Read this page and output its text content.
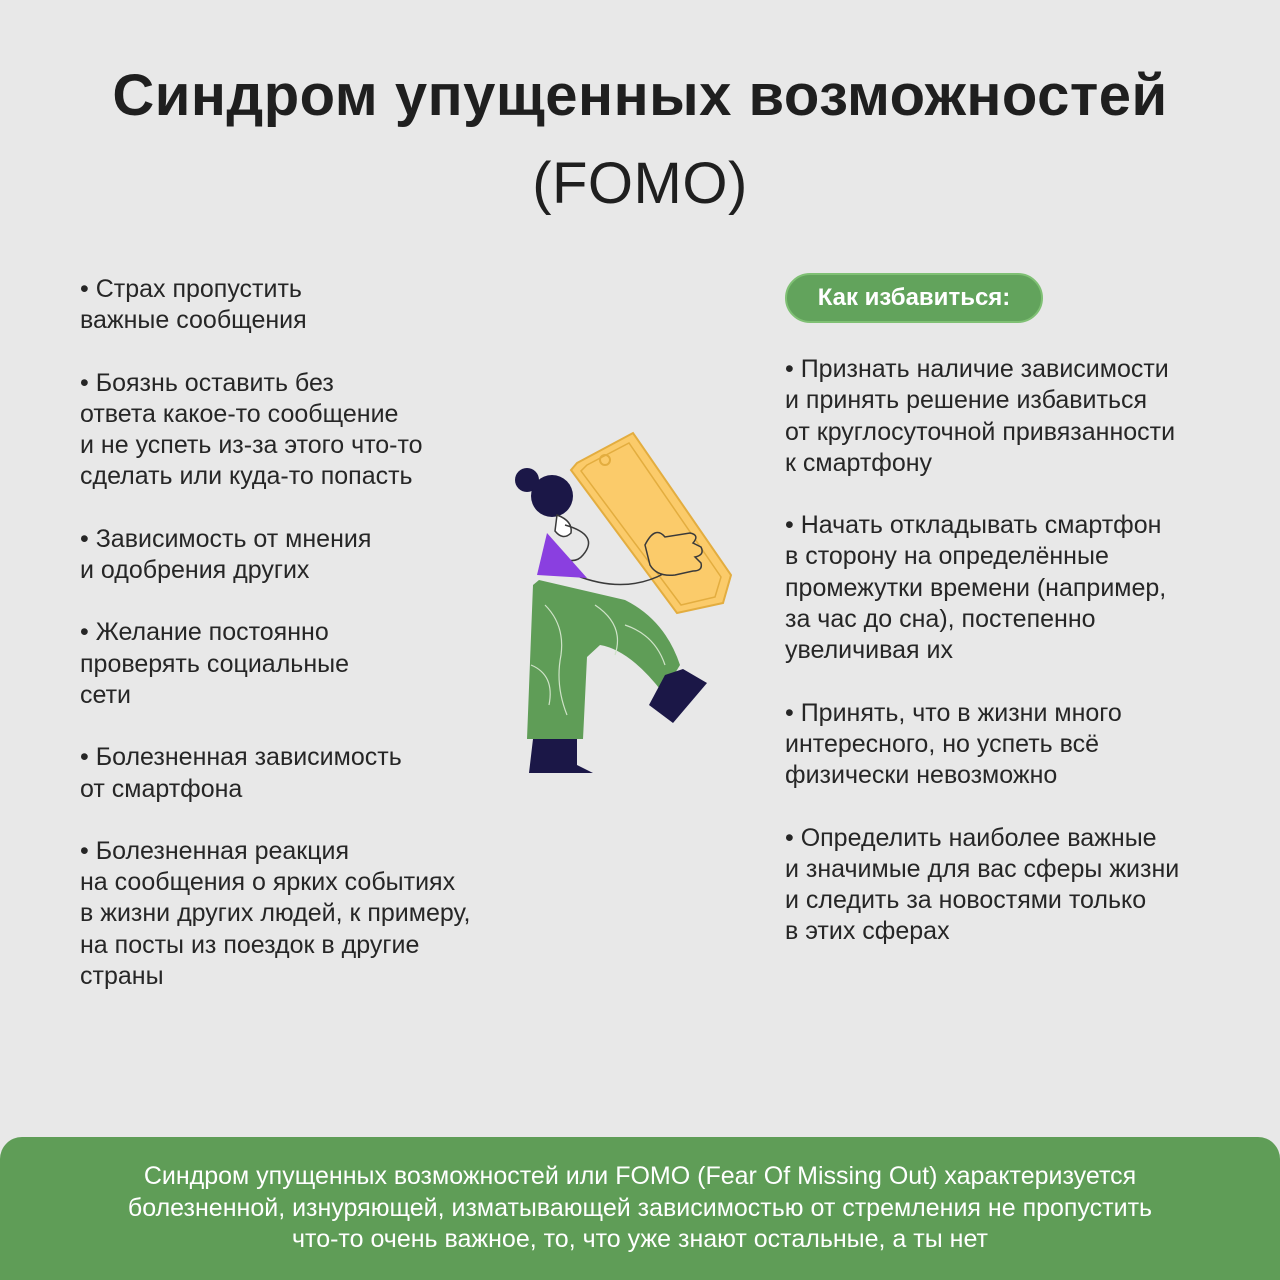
Синдром упущенных возможностей
(FOMO)
• Страх пропустить
важные сообщения
• Боязнь оставить без
ответа какое-то сообщение
и не успеть из-за этого что-то
сделать или куда-то попасть
• Зависимость от мнения
и одобрения других
• Желание постоянно
проверять социальные
сети
• Болезненная зависимость
от смартфона
• Болезненная реакция
на сообщения о ярких событиях
в жизни других людей, к примеру,
на посты из поездок в другие
страны
Как избавиться:
• Признать наличие зависимости
и принять решение избавиться
от круглосуточной привязанности
к смартфону
• Начать откладывать смартфон
в сторону на определённые
промежутки времени (например,
за час до сна), постепенно
увеличивая их
• Принять, что в жизни много
интересного, но успеть всё
физически невозможно
• Определить наиболее важные
и значимые для вас сферы жизни
и следить за новостями только
в этих сферах
Синдром упущенных возможностей или FOMO (Fear Of Missing Out) характеризуется
болезненной, изнуряющей, изматывающей зависимостью от стремления не пропустить
что-то очень важное, то, что уже знают остальные, а ты нет
